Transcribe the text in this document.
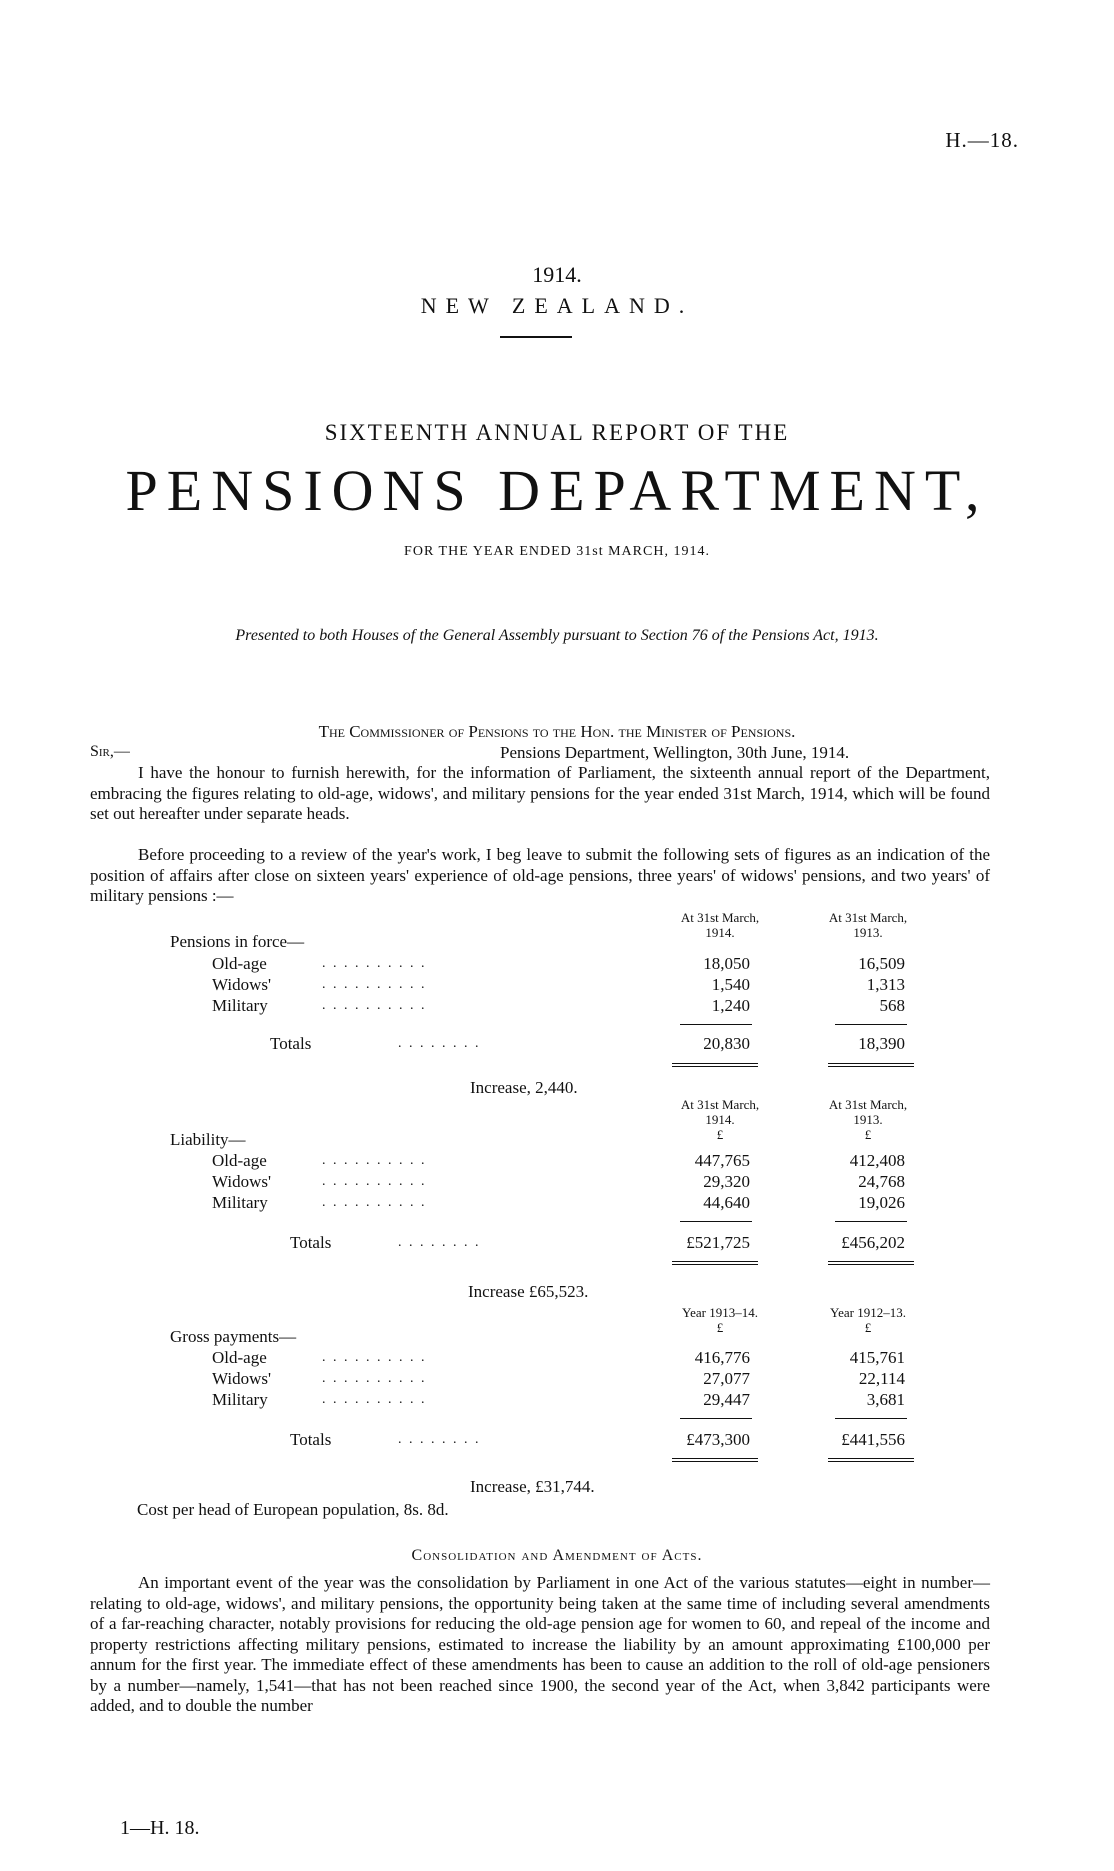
H.—18.
1914.
NEW ZEALAND.
SIXTEENTH ANNUAL REPORT OF THE
PENSIONS DEPARTMENT,
FOR THE YEAR ENDED 31st MARCH, 1914.
Presented to both Houses of the General Assembly pursuant to Section 76 of the Pensions Act, 1913.
The Commissioner of Pensions to the Hon. the Minister of Pensions.
Sir,—	Pensions Department, Wellington, 30th June, 1914.
I have the honour to furnish herewith, for the information of Parliament, the sixteenth annual report of the Department, embracing the figures relating to old-age, widows', and military pensions for the year ended 31st March, 1914, which will be found set out hereafter under separate heads.
Before proceeding to a review of the year's work, I beg leave to submit the following sets of figures as an indication of the position of affairs after close on sixteen years' experience of old-age pensions, three years' of widows' pensions, and two years' of military pensions :—
At 31st March,
1914.
At 31st March,
1913.
Pensions in force—
Old-age	. . . . . . . . . .	18,050	16,509
Widows'	. . . . . . . . . .	1,540	1,313
Military	. . . . . . . . . .	1,240	568
Totals	. . . . . . . .	20,830	18,390
Increase, 2,440.
At 31st March,
1914.
£
At 31st March,
1913.
£
Liability—
Old-age	. . . . . . . . . .	447,765	412,408
Widows'	. . . . . . . . . .	29,320	24,768
Military	. . . . . . . . . .	44,640	19,026
Totals	. . . . . . . .	£521,725	£456,202
Increase £65,523.
Year 1913–14.
£
Year 1912–13.
£
Gross payments—
Old-age	. . . . . . . . . .	416,776	415,761
Widows'	. . . . . . . . . .	27,077	22,114
Military	. . . . . . . . . .	29,447	3,681
Totals	. . . . . . . .	£473,300	£441,556
Increase, £31,744.
Cost per head of European population, 8s. 8d.
Consolidation and Amendment of Acts.
An important event of the year was the consolidation by Parliament in one Act of the various statutes—eight in number—relating to old-age, widows', and military pensions, the opportunity being taken at the same time of including several amendments of a far-reaching character, notably provisions for reducing the old-age pension age for women to 60, and repeal of the income and property restrictions affecting military pensions, estimated to increase the liability by an amount approximating £100,000 per annum for the first year. The immediate effect of these amendments has been to cause an addition to the roll of old-age pensioners by a number—namely, 1,541—that has not been reached since 1900, the second year of the Act, when 3,842 participants were added, and to double the number
1—H. 18.
